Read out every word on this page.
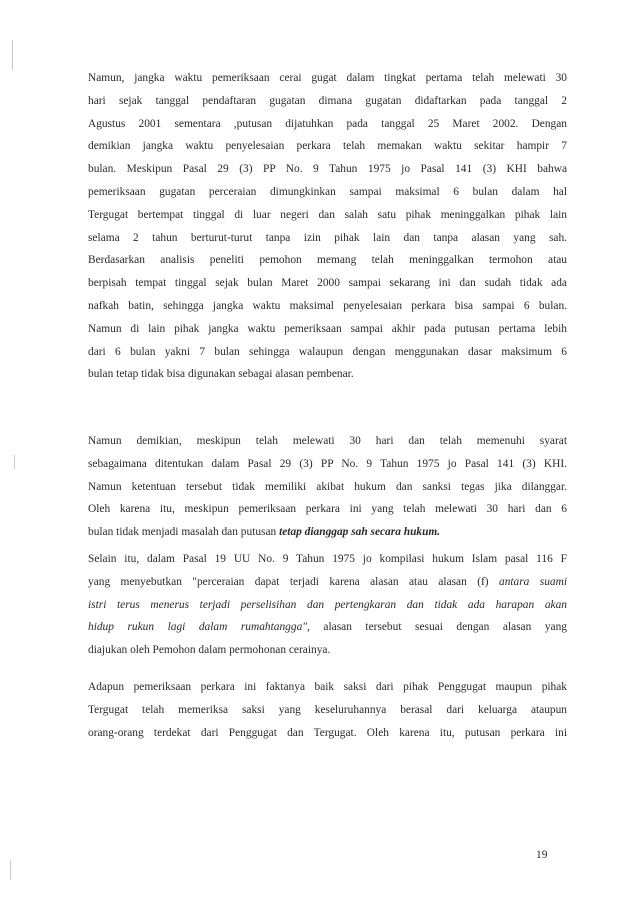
Namun, jangka waktu pemeriksaan cerai gugat dalam tingkat pertama telah melewati 30
hari sejak tanggal pendaftaran gugatan dimana gugatan didaftarkan pada tanggal 2
Agustus 2001 sementara ,putusan dijatuhkan pada tanggal 25 Maret 2002. Dengan
demikian jangka waktu penyelesaian perkara telah memakan waktu sekitar hampir 7
bulan. Meskipun Pasal 29 (3) PP No. 9 Tahun 1975 jo Pasal 141 (3) KHI bahwa
pemeriksaan gugatan perceraian dimungkinkan sampai maksimal 6 bulan dalam hal
Tergugat bertempat tinggal di luar negeri dan salah satu pihak meninggalkan pihak lain
selama 2 tahun berturut-turut tanpa izin pihak lain dan tanpa alasan yang sah.
Berdasarkan analisis peneliti pemohon memang telah meninggalkan termohon atau
berpisah tempat tinggal sejak bulan Maret 2000 sampai sekarang ini dan sudah tidak ada
nafkah batin, sehingga jangka waktu maksimal penyelesaian perkara bisa sampai 6 bulan.
Namun di lain pihak jangka waktu pemeriksaan sampai akhir pada putusan pertama lebih
dari 6 bulan yakni 7 bulan sehingga walaupun dengan menggunakan dasar maksimum 6
bulan tetap tidak bisa digunakan sebagai alasan pembenar.
Namun demikian, meskipun telah melewati 30 hari dan telah memenuhi syarat
sebagaimana ditentukan dalam Pasal 29 (3) PP No. 9 Tahun 1975 jo Pasal 141 (3) KHI.
Namun ketentuan tersebut tidak memiliki akibat hukum dan sanksi tegas jika dilanggar.
Oleh karena itu, meskipun pemeriksaan perkara ini yang telah melewati 30 hari dan 6
bulan tidak menjadi masalah dan putusan tetap dianggap sah secara hukum.
Selain itu, dalam Pasal 19 UU No. 9 Tahun 1975 jo kompilasi hukum Islam pasal 116 F
yang menyebutkan "perceraian dapat terjadi karena alasan atau alasan (f) antara suami
istri terus menerus terjadi perselisihan dan pertengkaran dan tidak ada harapan akan
hidup rukun lagi dalam rumahtangga", alasan tersebut sesuai dengan alasan yang
diajukan oleh Pemohon dalam permohonan cerainya.
Adapun pemeriksaan perkara ini faktanya baik saksi dari pihak Penggugat maupun pihak
Tergugat telah memeriksa saksi yang keseluruhannya berasal dari keluarga ataupun
orang-orang terdekat dari Penggugat dan Tergugat. Oleh karena itu, putusan perkara ini
19
